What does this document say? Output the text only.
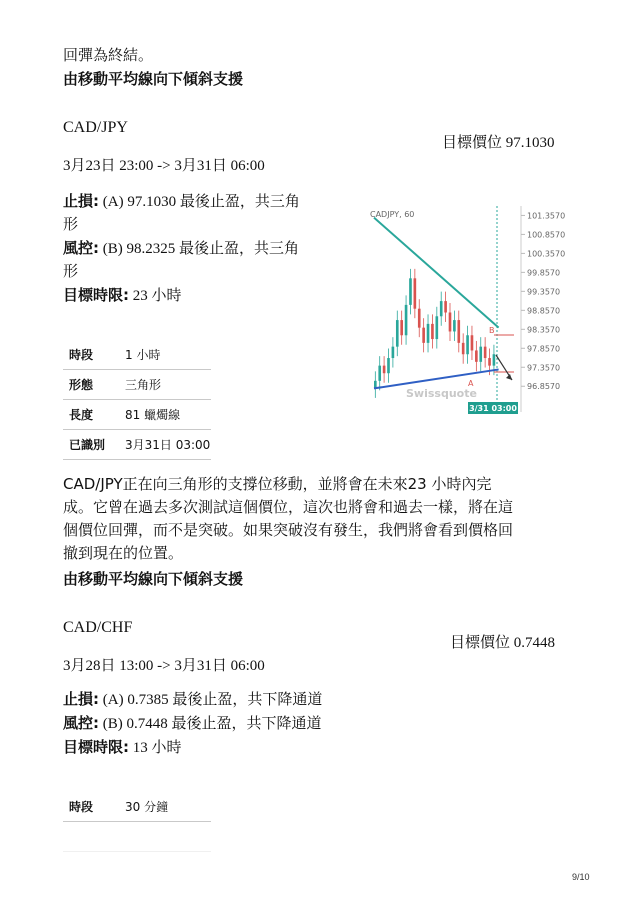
回彈為終結。
由移動平均線向下傾斜支援
CAD/JPY
目標價位 97.1030
3月23日 23:00 -> 3月31日 06:00
止損: (A) 97.1030 最後止盈，共三角
形
風控: (B) 98.2325 最後止盈，共三角
形
目標時限: 23 小時
時段	1 小時
形態	三角形
長度	81 蠟燭線
已識別	3月31日 03:00
CADJPY, 60	101.3570
100.8570
100.3570
99.8570
99.3570
98.8570
98.3570
97.8570
97.3570
96.8570
B
A
Swissquote
3/31 03:00
CAD/JPY正在向三角形的支撐位移動，並將會在未來23 小時內完
成。它曾在過去多次測試這個價位，這次也將會和過去一樣，將在這
個價位回彈，而不是突破。如果突破沒有發生，我們將會看到價格回
撤到現在的位置。
由移動平均線向下傾斜支援
CAD/CHF
目標價位 0.7448
3月28日 13:00 -> 3月31日 06:00
止損: (A) 0.7385 最後止盈，共下降通道
風控: (B) 0.7448 最後止盈，共下降通道
目標時限: 13 小時
時段	30 分鐘
9/10
